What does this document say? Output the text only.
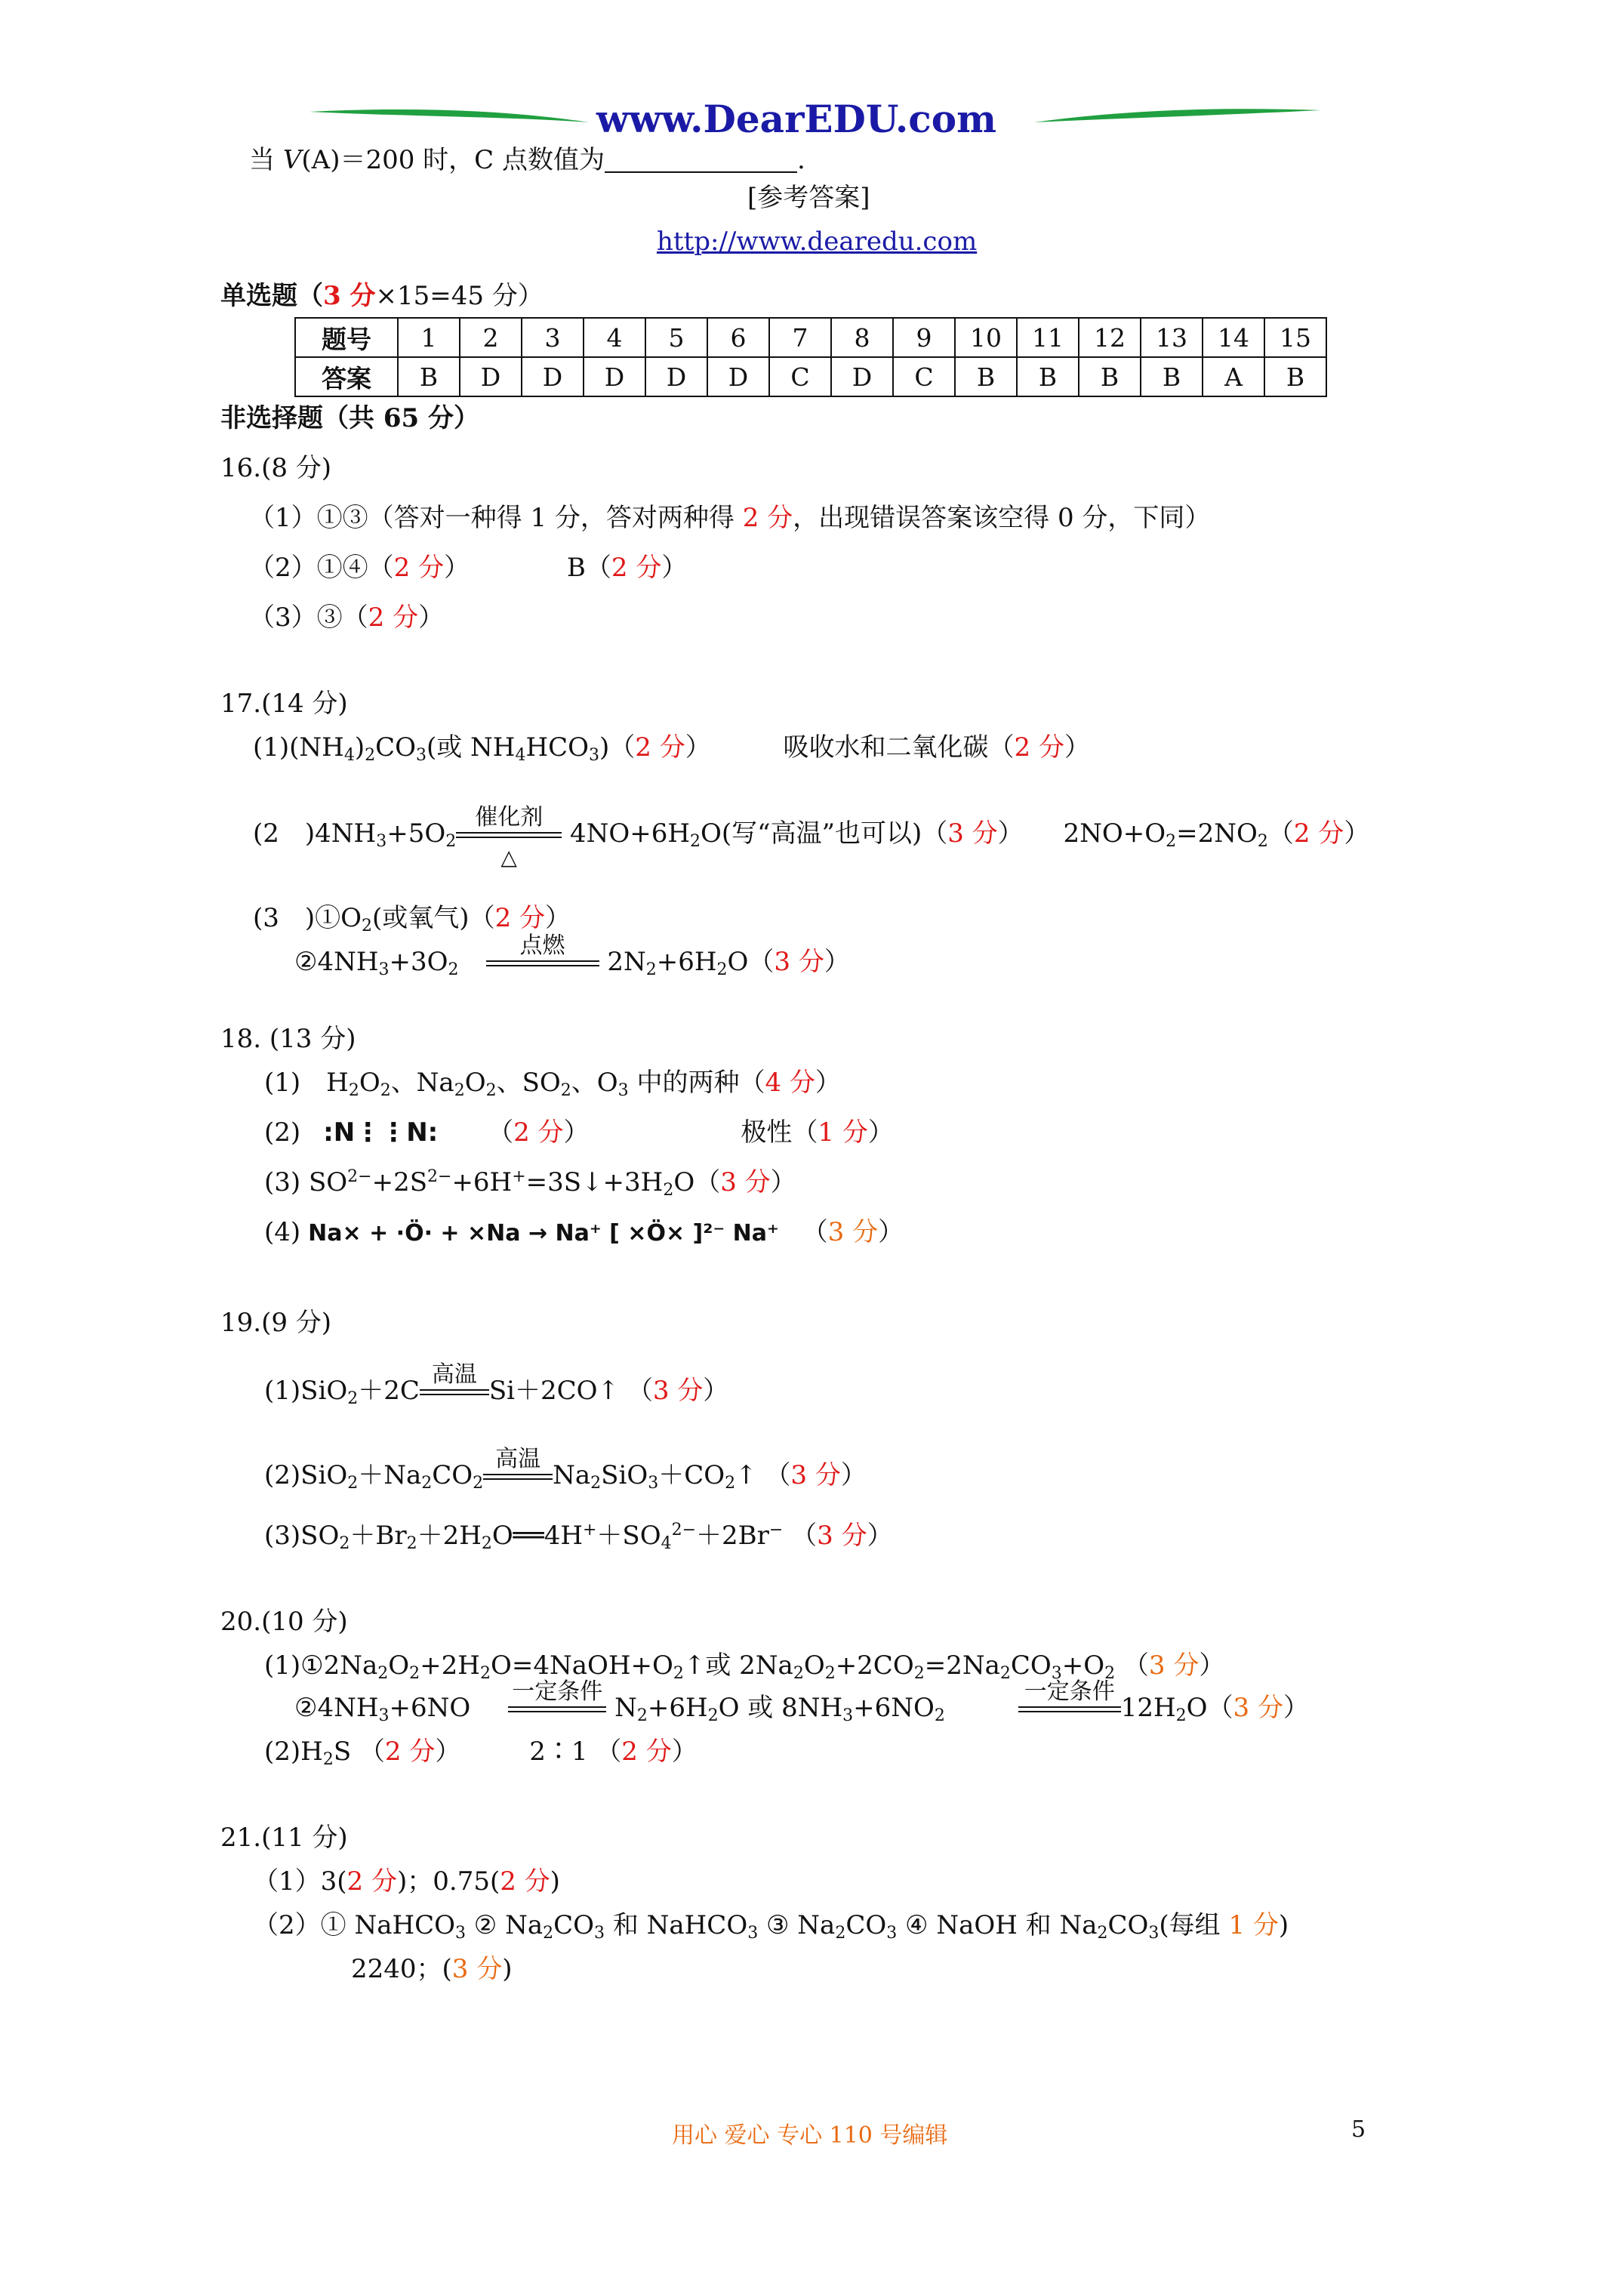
www.DearEDU.com
当 V(A)＝200 时，C 点数值为	.
[参考答案]
http://www.dearedu.com
单选题（3 分×15=45 分）
题号	1	2	3	4	5	6	7	8	9	10	11	12	13	14	15
答案	B	D	D	D	D	D	C	D	C	B	B	B	B	A	B
非选择题（共 65 分）
16.(8 分)
（1）①③（答对一种得 1 分，答对两种得 2 分，出现错误答案该空得 0 分，下同）
（2）①④（2 分）	B（2 分）
（3）③（2 分）
17.(14 分)
$(1)(NH_4)_2CO_3$(或 $NH_4HCO_3)(2$ 分）	吸收水和二氧化碳（2 分）
(2　)$4NH_3+5O_2$
催化剂
△
$4NO+6H_2O$(写“高温”也可以)（3 分） $2NO+O_2=2NO_2(2$ 分）
(3　)$①O_2$(或氧气)（2 分）
$②4NH_3+3O_2$
点燃
$2N_2+6H_2O(3$ 分）
18. (13 分)
(1)　$H_2O_2$、$Na_2O_2$、$SO_2$、$O_3$ 中的两种（4 分）
(2) :N⋮⋮N: （2 分）	极性（1 分）
(3) $SO^{2-}+2S^{2-}+6H^+=3S↓+3H_2O(3$ 分）
(4) Na× + ·Ö· + ×Na → Na⁺ [ ×Ö× ]²⁻ Na⁺ （3 分）
19.(9 分)
(1)SiO$_2$＋2C
高温
Si＋2CO↑ （3 分）
$(2)SiO_2+Na_2CO_2$
高温
$Na_2SiO_3+CO_2↑$ （3 分）
$(3)SO_2+Br_2+2H_2O══4H^++SO_4^{2-}+2Br^-$ （3 分）
20.(10 分)
$(1)①2Na_2O_2+2H_2O=4NaOH+O_2↑$或 $2Na_2O_2+2CO_2=2Na_2CO_3+O_2$ （3 分）
$②4NH_3+6NO$
一定条件
$N_2+6H_2O$ 或 $8NH_3+6NO_2$
一定条件
$12H_2O(3$ 分）
$(2)H_2S$ （2 分）	2∶1 （2 分）
21.(11 分)
（1）3(2 分)；0.75(2 分)
（2）① NaHCO$_3$ ② $Na_2CO_3$ 和 NaHCO$_3$ ③ $Na_2CO_3$ ④ NaOH 和 $Na_2CO_3$(每组 1 分)
2240；(3 分)
用心 爱心 专心 110 号编辑	5
